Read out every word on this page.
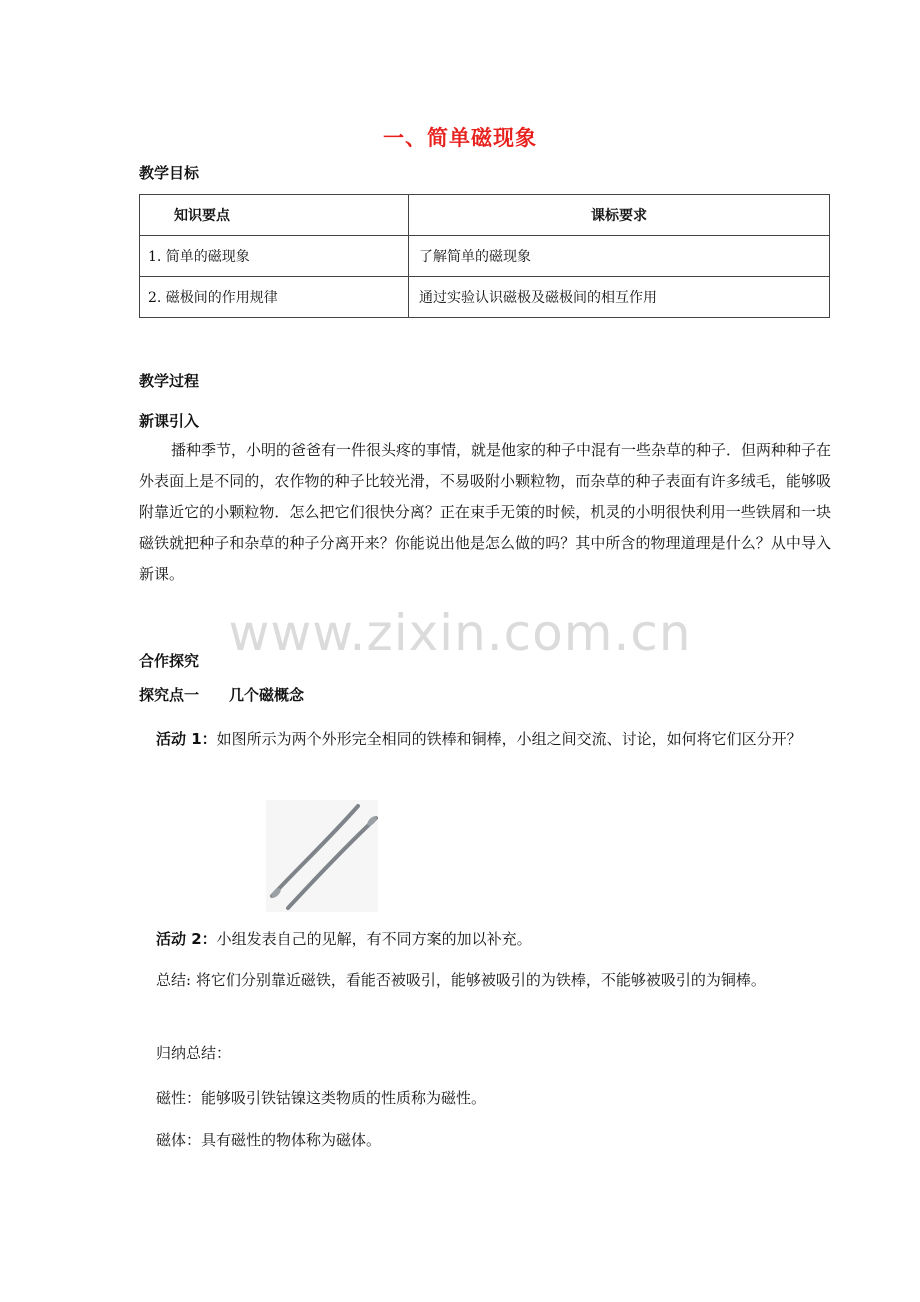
一、简单磁现象
教学目标
知识要点	课标要求
1. 简单的磁现象	了解简单的磁现象
2. 磁极间的作用规律	通过实验认识磁极及磁极间的相互作用
教学过程
新课引入
播种季节，小明的爸爸有一件很头疼的事情，就是他家的种子中混有一些杂草的种子．但两种种子在外表面上是不同的，农作物的种子比较光滑，不易吸附小颗粒物，而杂草的种子表面有许多绒毛，能够吸附靠近它的小颗粒物．怎么把它们很快分离？正在束手无策的时候，机灵的小明很快利用一些铁屑和一块磁铁就把种子和杂草的种子分离开来？你能说出他是怎么做的吗？其中所含的物理道理是什么？从中导入新课。
www.zixin.com.cn
合作探究
探究点一　　几个磁概念
活动 1：如图所示为两个外形完全相同的铁棒和铜棒，小组之间交流、讨论，如何将它们区分开？
活动 2：小组发表自己的见解，有不同方案的加以补充。
总结: 将它们分别靠近磁铁，看能否被吸引，能够被吸引的为铁棒，不能够被吸引的为铜棒。
归纳总结：
磁性：能够吸引铁钴镍这类物质的性质称为磁性。
磁体：具有磁性的物体称为磁体。
